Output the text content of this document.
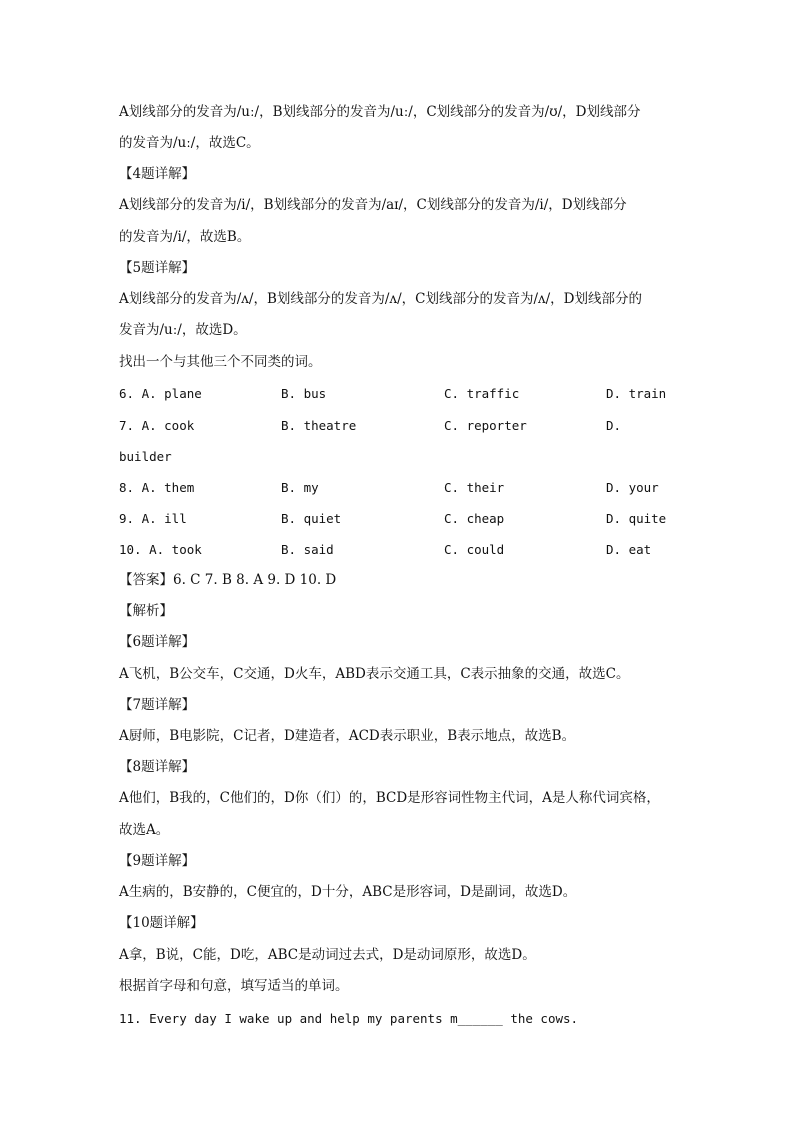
A划线部分的发音为/uː/，B划线部分的发音为/uː/，C划线部分的发音为/ʊ/，D划线部分
的发音为/uː/，故选C。
【4题详解】
A划线部分的发音为/i/，B划线部分的发音为/aɪ/，C划线部分的发音为/i/，D划线部分
的发音为/i/，故选B。
【5题详解】
A划线部分的发音为/ʌ/，B划线部分的发音为/ʌ/，C划线部分的发音为/ʌ/，D划线部分的
发音为/uː/，故选D。
找出一个与其他三个不同类的词。
6. A. plane	B. bus	C. traffic	D. train
7. A. cook	B. theatre	C. reporter	D.
builder
8. A. them	B. my	C. their	D. your
9. A. ill	B. quiet	C. cheap	D. quite
10. A. took	B. said	C. could	D. eat
【答案】6. C 7. B 8. A 9. D 10. D
【解析】
【6题详解】
A飞机，B公交车，C交通，D火车，ABD表示交通工具，C表示抽象的交通，故选C。
【7题详解】
A厨师，B电影院，C记者，D建造者，ACD表示职业，B表示地点，故选B。
【8题详解】
A他们，B我的，C他们的，D你（们）的，BCD是形容词性物主代词，A是人称代词宾格，
故选A。
【9题详解】
A生病的，B安静的，C便宜的，D十分，ABC是形容词，D是副词，故选D。
【10题详解】
A拿，B说，C能，D吃，ABC是动词过去式，D是动词原形，故选D。
根据首字母和句意，填写适当的单词。
11. Every day I wake up and help my parents m______ the cows.
